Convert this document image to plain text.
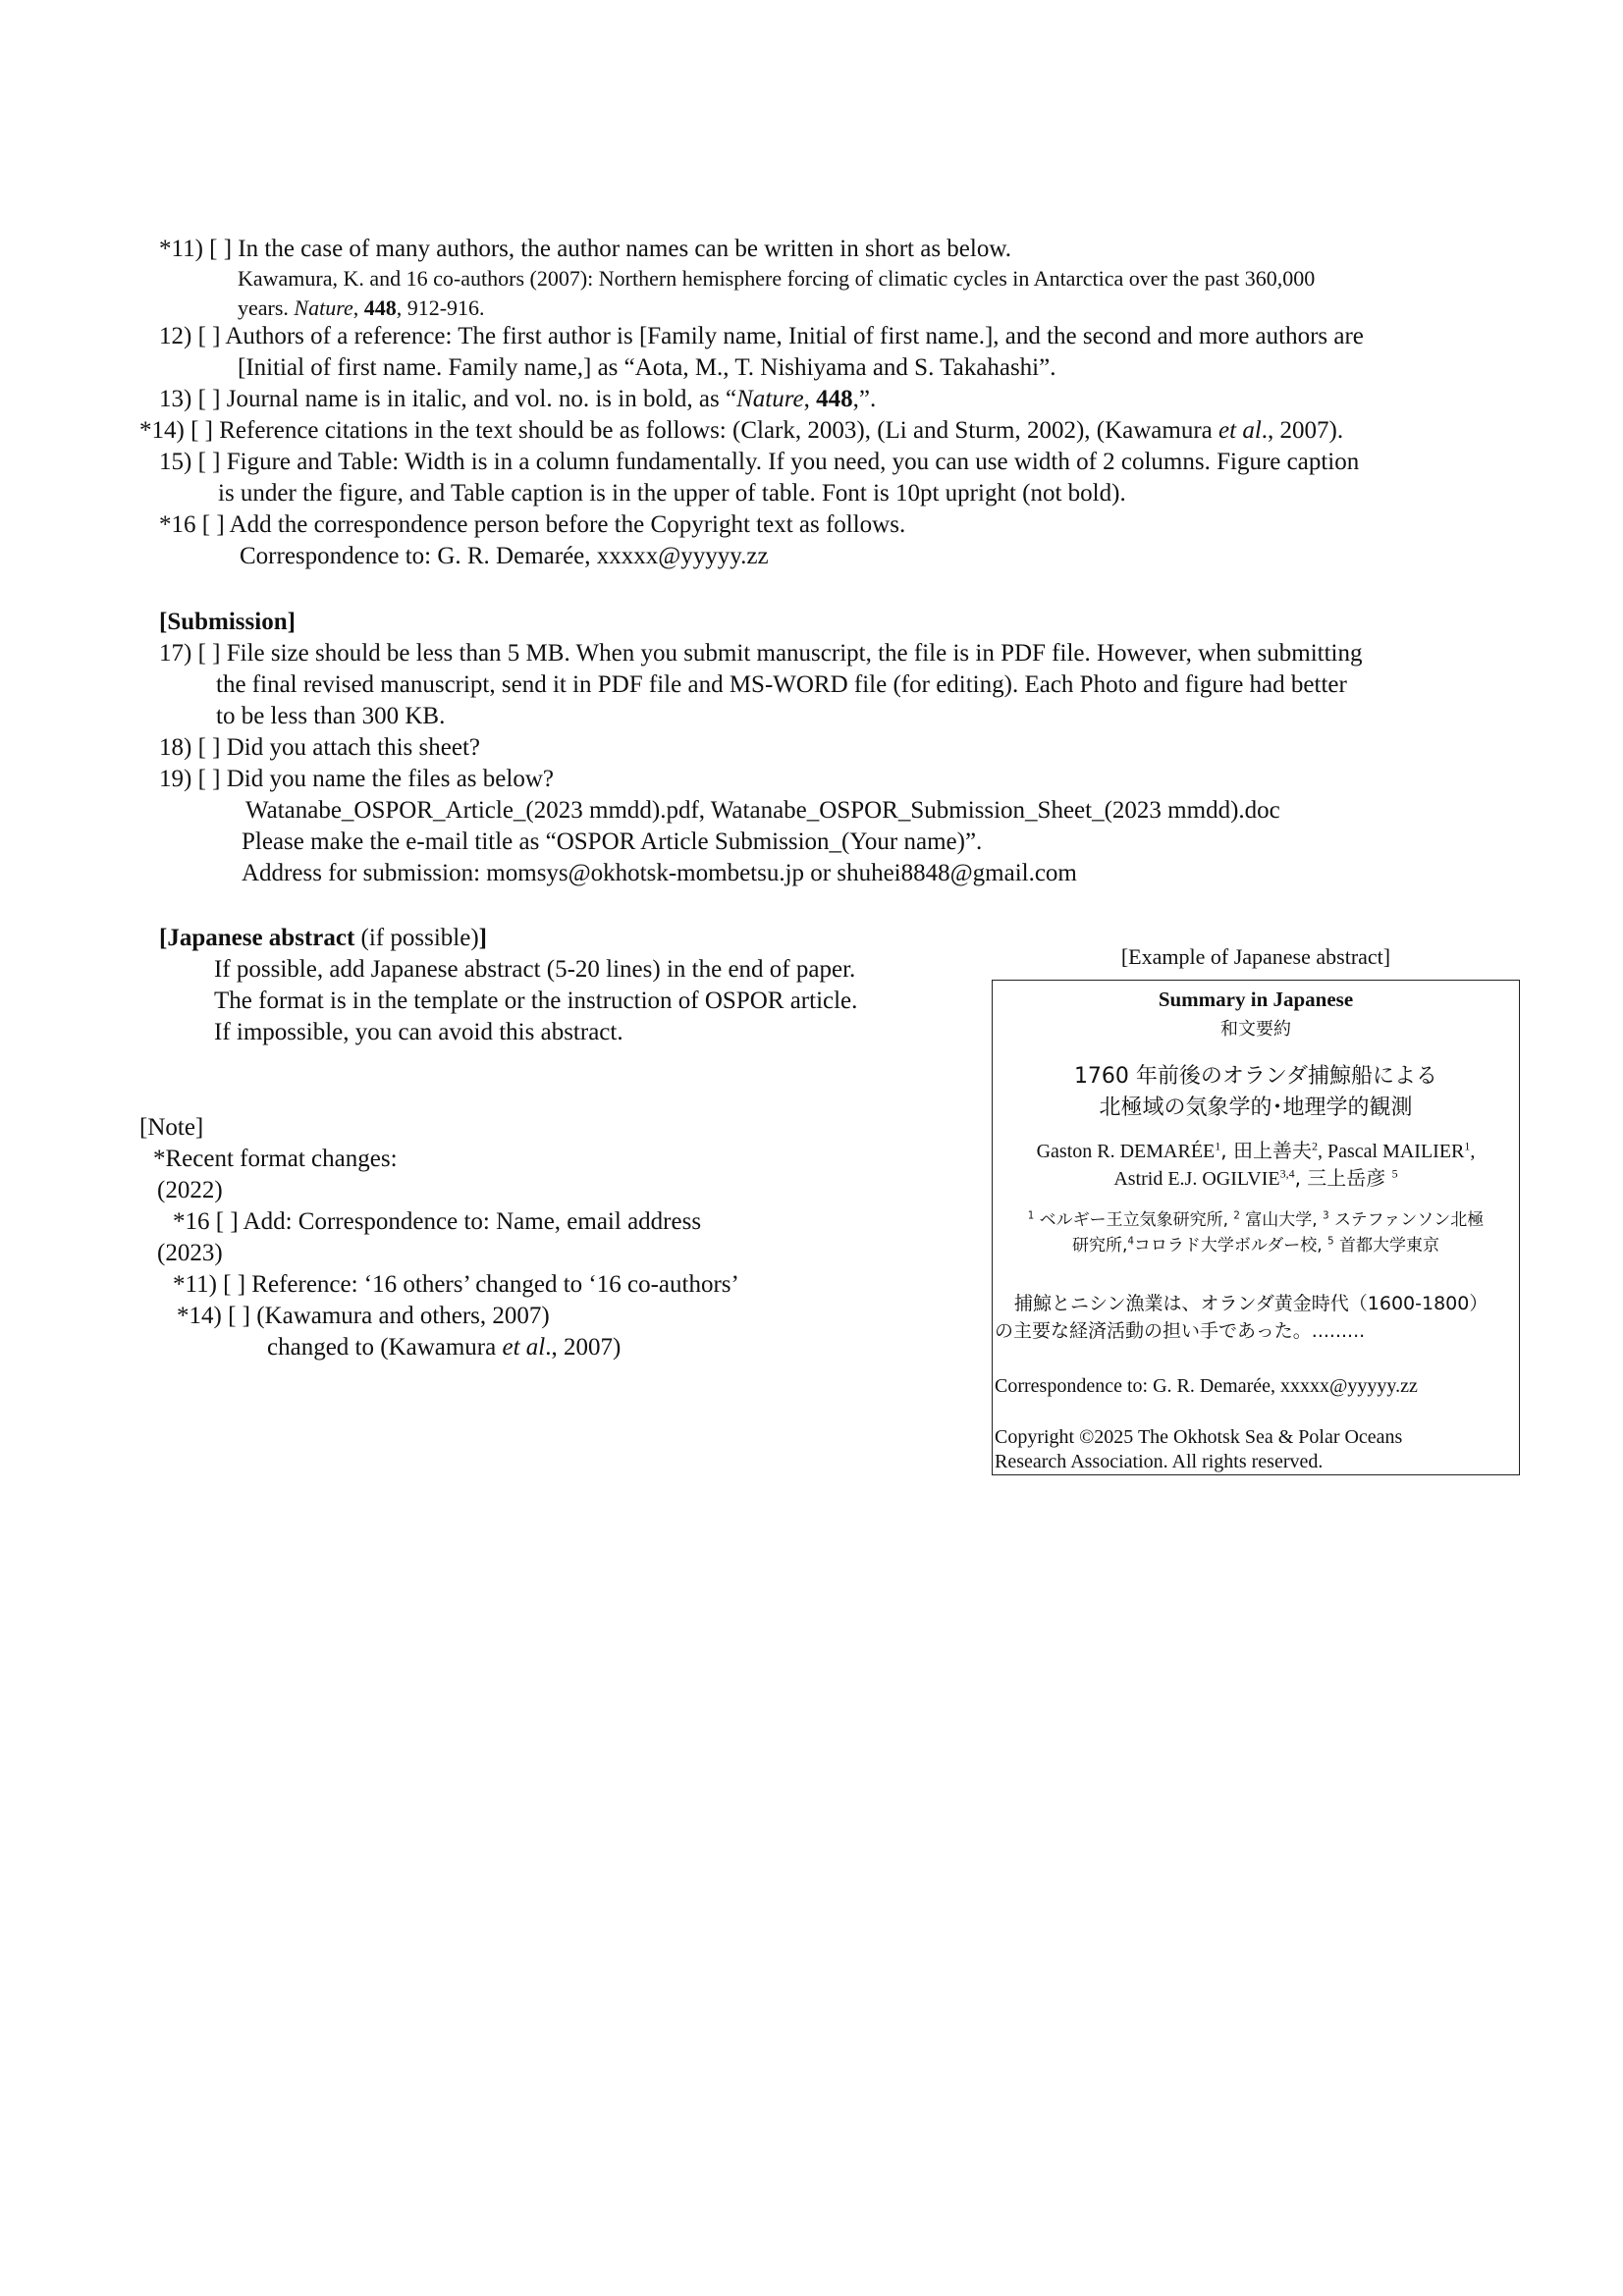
*11) [ ] In the case of many authors, the author names can be written in short as below.
Kawamura, K. and 16 co-authors (2007): Northern hemisphere forcing of climatic cycles in Antarctica over the past 360,000
years. Nature, 448, 912-916.
12) [ ] Authors of a reference: The first author is [Family name, Initial of first name.], and the second and more authors are
[Initial of first name. Family name,] as “Aota, M., T. Nishiyama and S. Takahashi”.
13) [ ] Journal name is in italic, and vol. no. is in bold, as “Nature, 448,”.
*14) [ ] Reference citations in the text should be as follows: (Clark, 2003), (Li and Sturm, 2002), (Kawamura et al., 2007).
15) [ ] Figure and Table: Width is in a column fundamentally. If you need, you can use width of 2 columns. Figure caption
is under the figure, and Table caption is in the upper of table. Font is 10pt upright (not bold).
*16 [ ] Add the correspondence person before the Copyright text as follows.
Correspondence to: G. R. Demarée, xxxxx@yyyyy.zz
[Submission]
17) [ ] File size should be less than 5 MB. When you submit manuscript, the file is in PDF file. However, when submitting
the final revised manuscript, send it in PDF file and MS-WORD file (for editing). Each Photo and figure had better
to be less than 300 KB.
18) [ ] Did you attach this sheet?
19) [ ] Did you name the files as below?
Watanabe_OSPOR_Article_(2023 mmdd).pdf, Watanabe_OSPOR_Submission_Sheet_(2023 mmdd).doc
Please make the e-mail title as “OSPOR Article Submission_(Your name)”.
Address for submission: momsys@okhotsk-mombetsu.jp or shuhei8848@gmail.com
[Japanese abstract (if possible)]
If possible, add Japanese abstract (5-20 lines) in the end of paper.
The format is in the template or the instruction of OSPOR article.
If impossible, you can avoid this abstract.
[Note]
*Recent format changes:
(2022)
*16 [ ] Add: Correspondence to: Name, email address
(2023)
*11) [ ] Reference: ‘16 others’ changed to ‘16 co-authors’
*14) [ ] (Kawamura and others, 2007)
changed to (Kawamura et al., 2007)
[Example of Japanese abstract]
Summary in Japanese
和文要約
1760 年前後のオランダ捕鯨船による
北極域の気象学的･地理学的観測
Gaston R. DEMARÉE$^1$, 田上善夫$^2$, Pascal MAILIER$^1$,
Astrid E.J. OGILVIE$^{3,4}$, 三上岳彦 $^5$
$^1$ ベルギー王立気象研究所, $^2$ 富山大学, $^3$ ステファンソン北極
研究所,$^4$コロラド大学ボルダー校, $^5$ 首都大学東京
捕鯨とニシン漁業は、オランダ黄金時代（1600-1800）
の主要な経済活動の担い手であった。.........
Correspondence to: G. R. Demarée, xxxxx@yyyyy.zz
Copyright ©2025 The Okhotsk Sea & Polar Oceans
Research Association. All rights reserved.
